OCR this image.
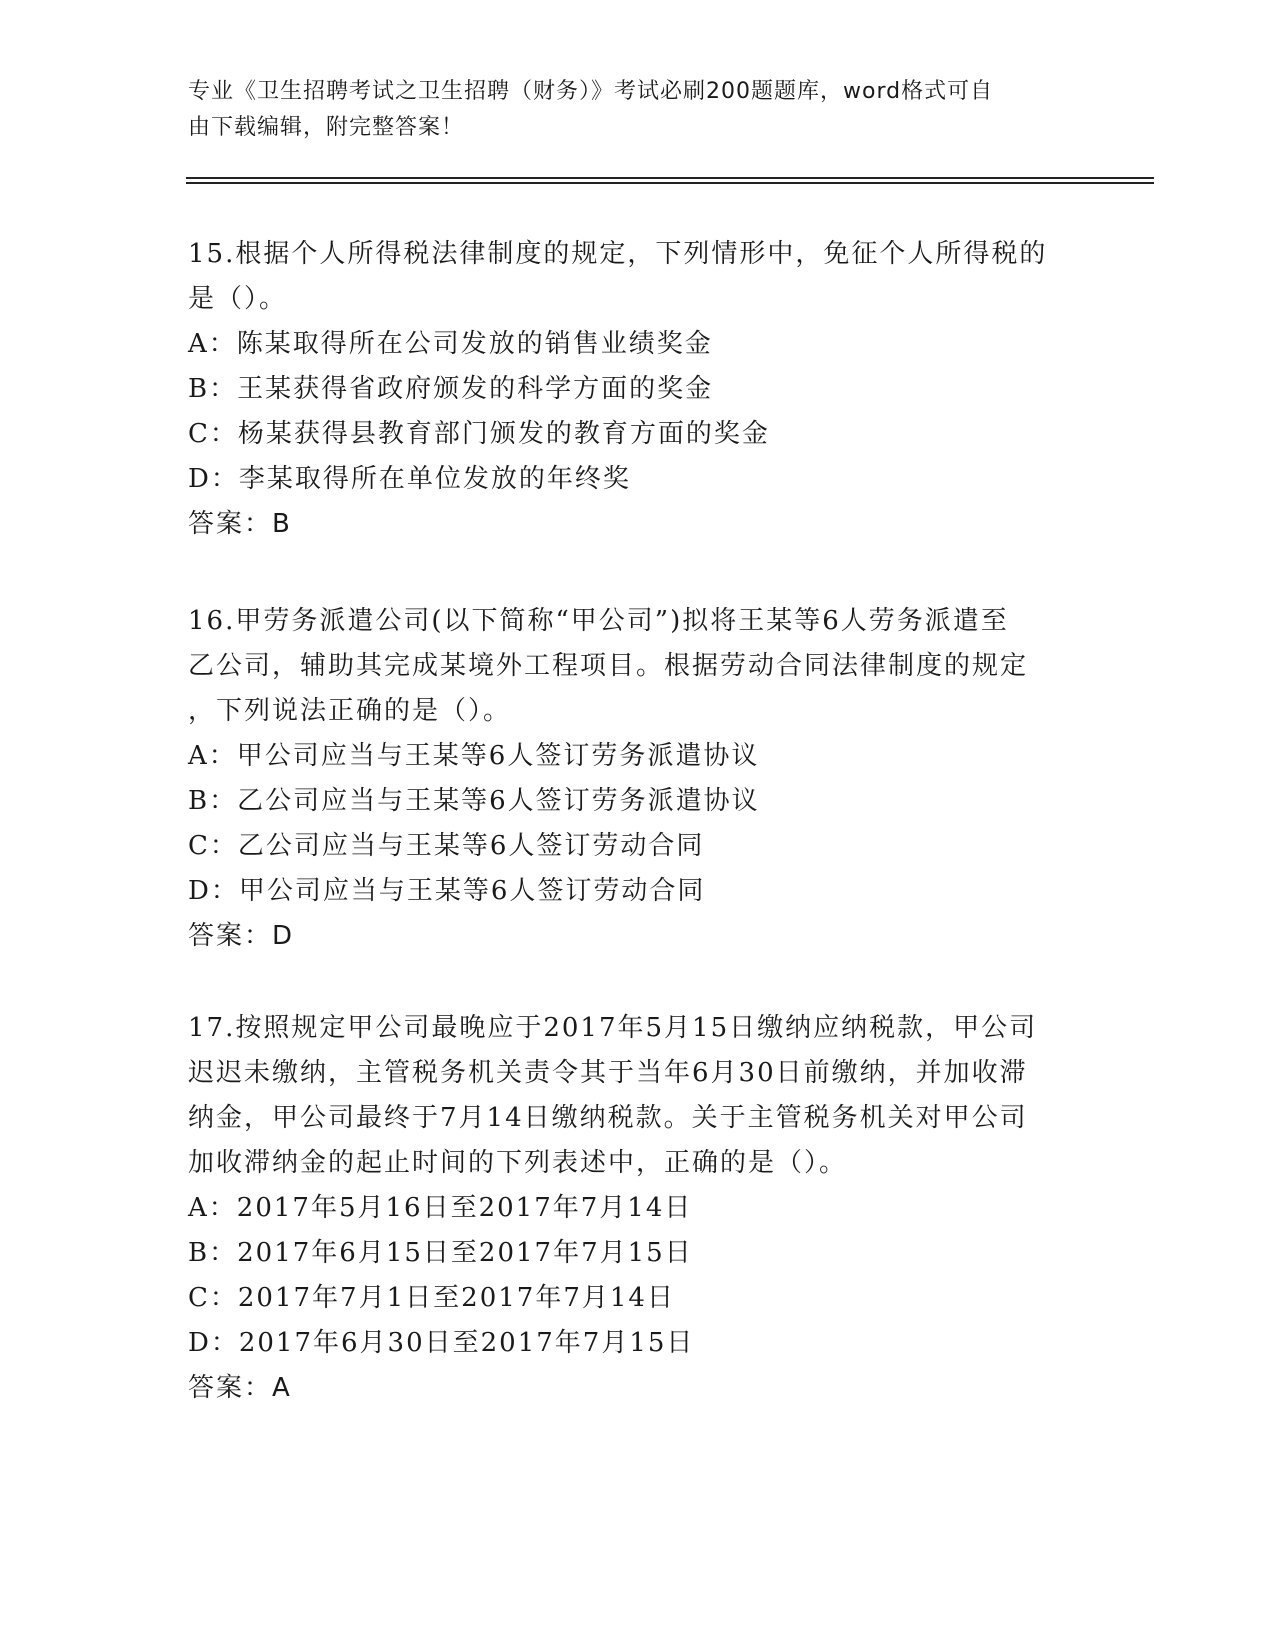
专业《卫生招聘考试之卫生招聘（财务）》考试必刷200题题库，word格式可自
由下载编辑，附完整答案！

15.根据个人所得税法律制度的规定，下列情形中，免征个人所得税的

是（）。

A：陈某取得所在公司发放的销售业绩奖金

B：王某获得省政府颁发的科学方面的奖金

C：杨某获得县教育部门颁发的教育方面的奖金

D：李某取得所在单位发放的年终奖

答案：B

16.甲劳务派遣公司(以下简称“甲公司”)拟将王某等6人劳务派遣至

乙公司，辅助其完成某境外工程项目。根据劳动合同法律制度的规定

，下列说法正确的是（）。

A：甲公司应当与王某等6人签订劳务派遣协议

B：乙公司应当与王某等6人签订劳务派遣协议

C：乙公司应当与王某等6人签订劳动合同

D：甲公司应当与王某等6人签订劳动合同

答案：D

17.按照规定甲公司最晚应于2017年5月15日缴纳应纳税款，甲公司

迟迟未缴纳，主管税务机关责令其于当年6月30日前缴纳，并加收滞

纳金，甲公司最终于7月14日缴纳税款。关于主管税务机关对甲公司

加收滞纳金的起止时间的下列表述中，正确的是（）。

A：2017年5月16日至2017年7月14日

B：2017年6月15日至2017年7月15日

C：2017年7月1日至2017年7月14日

D：2017年6月30日至2017年7月15日

答案：A
